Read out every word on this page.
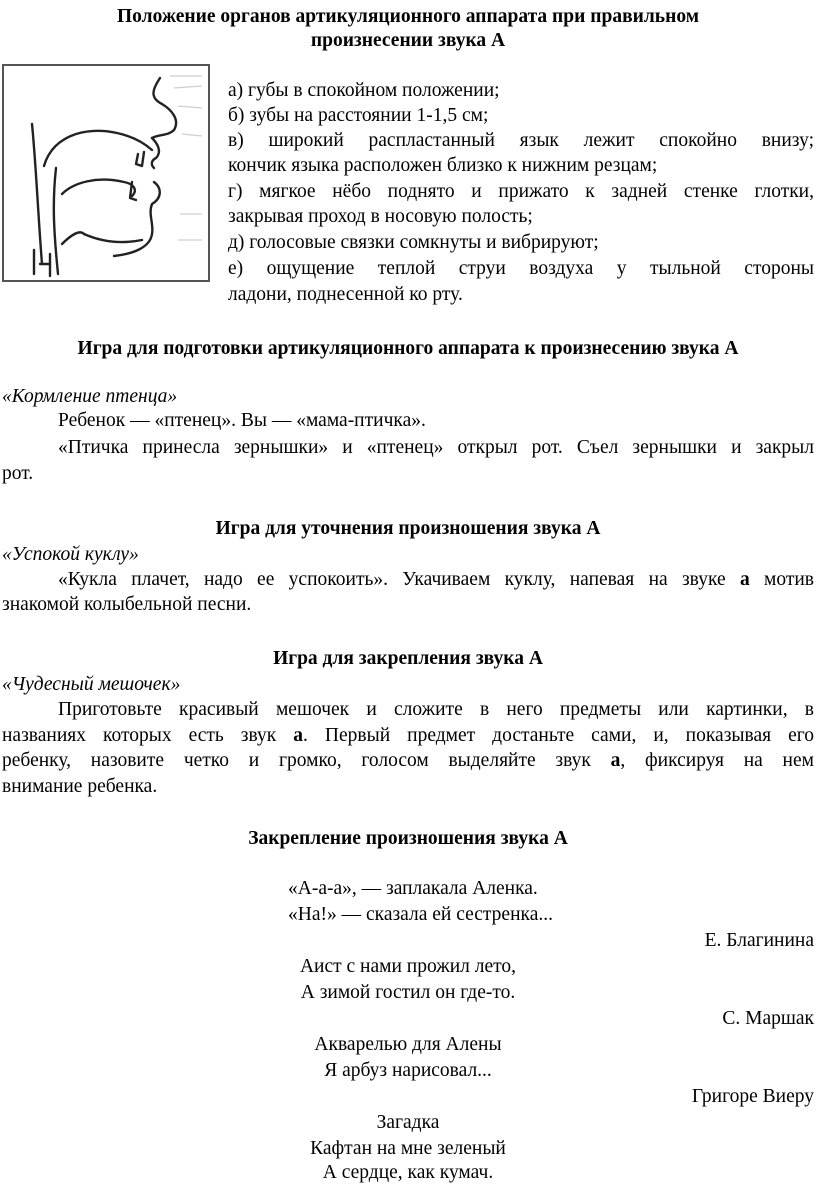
Положение органов артикуляционного аппарата при правильном
произнесении звука А
а) губы в спокойном положении;
б) зубы на расстоянии 1-1,5 см;
в) широкий распластанный язык лежит спокойно внизу;
кончик языка расположен близко к нижним резцам;
г) мягкое нёбо поднято и прижато к задней стенке глотки,
закрывая проход в носовую полость;
д) голосовые связки сомкнуты и вибрируют;
е) ощущение теплой струи воздуха у тыльной стороны
ладони, поднесенной ко рту.
Игра для подготовки артикуляционного аппарата к произнесению звука А
«Кормление птенца»
Ребенок — «птенец». Вы — «мама-птичка».
«Птичка принесла зернышки» и «птенец» открыл рот. Съел зернышки и закрыл
рот.
Игра для уточнения произношения звука А
«Успокой куклу»
«Кукла плачет, надо ее успокоить». Укачиваем куклу, напевая на звуке а мотив
знакомой колыбельной песни.
Игра для закрепления звука А
«Чудесный мешочек»
Приготовьте красивый мешочек и сложите в него предметы или картинки, в
названиях которых есть звук а. Первый предмет достаньте сами, и, показывая его
ребенку, назовите четко и громко, голосом выделяйте звук а, фиксируя на нем
внимание ребенка.
Закрепление произношения звука А
«А-а-а», — заплакала Аленка.
«На!» — сказала ей сестренка...
Е. Благинина
Аист с нами прожил лето,
А зимой гостил он где-то.
С. Маршак
Акварелью для Алены
Я арбуз нарисовал...
Григоре Виеру
Загадка
Кафтан на мне зеленый
А сердце, как кумач.
